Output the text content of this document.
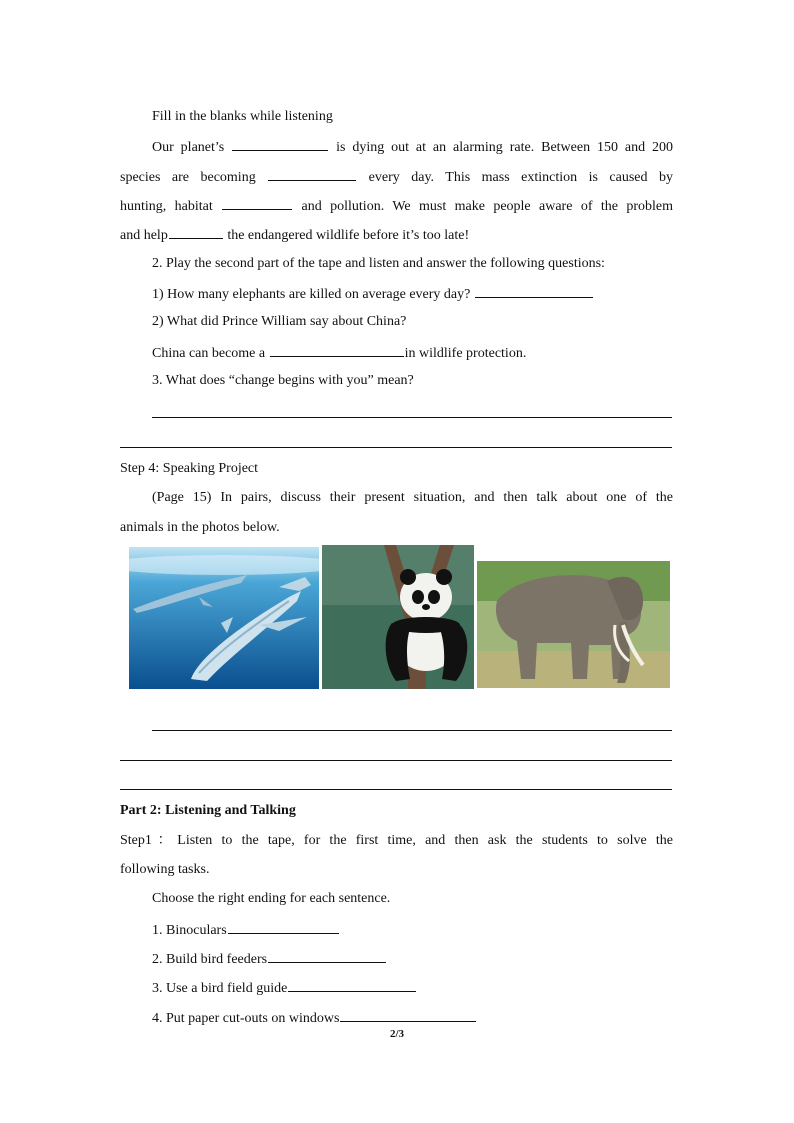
Fill in the blanks while listening
Our planet’s	is dying out at an alarming rate. Between 150 and 200
species are becoming	every day. This mass extinction is caused by
hunting, habitat	and pollution. We must make people aware of the problem
and help	the endangered wildlife before it’s too late!
2. Play the second part of the tape and listen and answer the following questions:
1) How many elephants are killed on average every day?
2) What did Prince William say about China?
China can become a	in wildlife protection.
3. What does “change begins with you” mean?
Step 4: Speaking Project
(Page 15) In pairs, discuss their present situation, and then talk about one of the
animals in the photos below.
Part 2: Listening and Talking
Step1：Listen to the tape, for the first time, and then ask the students to solve the
following tasks.
Choose the right ending for each sentence.
1. Binoculars
2. Build bird feeders
3. Use a bird field guide
4. Put paper cut-outs on windows
2/3
